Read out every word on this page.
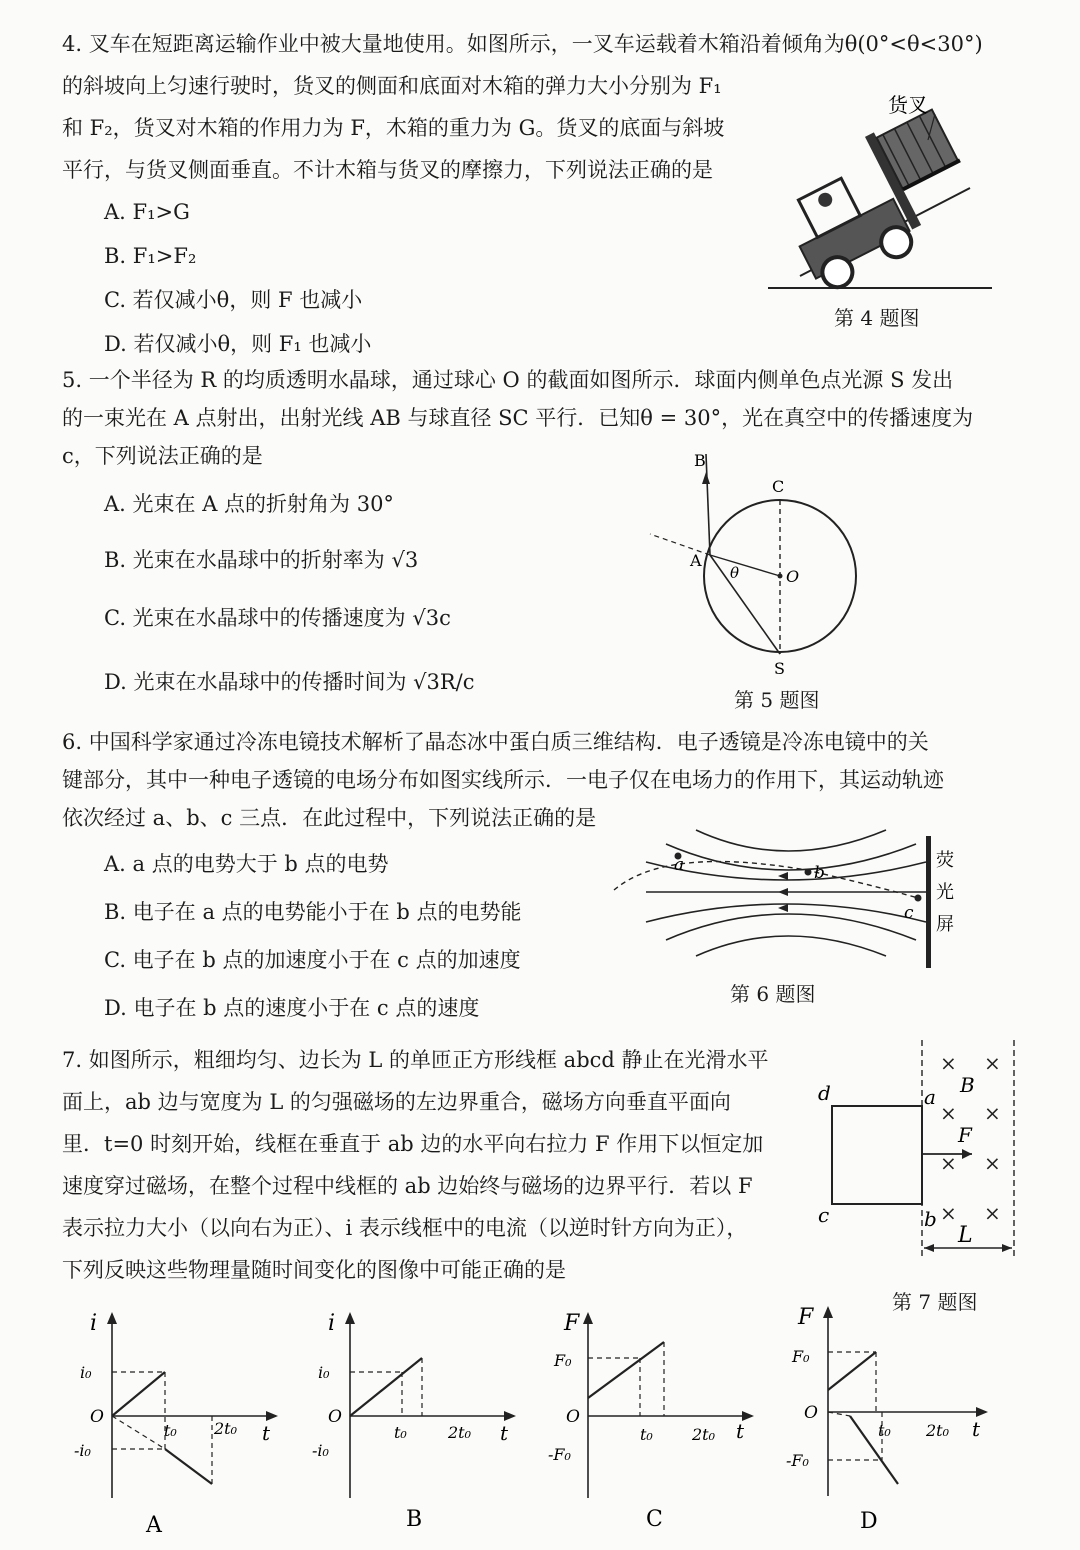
4. 叉车在短距离运输作业中被大量地使用。如图所示，一叉车运载着木箱沿着倾角为θ(0°<θ<30°)
的斜坡向上匀速行驶时，货叉的侧面和底面对木箱的弹力大小分别为 F₁
和 F₂，货叉对木箱的作用力为 F，木箱的重力为 G。货叉的底面与斜坡
平行，与货叉侧面垂直。不计木箱与货叉的摩擦力，下列说法正确的是
A. F₁>G
B. F₁>F₂
C. 若仅减小θ，则 F 也减小
D. 若仅减小θ，则 F₁ 也减小
货叉
第 4 题图
5. 一个半径为 R 的均质透明水晶球，通过球心 O 的截面如图所示．球面内侧单色点光源 S 发出
的一束光在 A 点射出，出射光线 AB 与球直径 SC 平行．已知θ = 30°，光在真空中的传播速度为
c，下列说法正确的是
A. 光束在 A 点的折射角为 30°
B. 光束在水晶球中的折射率为 √3
C. 光束在水晶球中的传播速度为 √3c
D. 光束在水晶球中的传播时间为 √3R/c
B
C
A
O
S
θ
第 5 题图
6. 中国科学家通过冷冻电镜技术解析了晶态冰中蛋白质三维结构．电子透镜是冷冻电镜中的关
键部分，其中一种电子透镜的电场分布如图实线所示．一电子仅在电场力的作用下，其运动轨迹
依次经过 a、b、c 三点．在此过程中，下列说法正确的是
A. a 点的电势大于 b 点的电势
B. 电子在 a 点的电势能小于在 b 点的电势能
C. 电子在 b 点的加速度小于在 c 点的加速度
D. 电子在 b 点的速度小于在 c 点的速度
a	b
c
荧 光 屏
第 6 题图
7. 如图所示，粗细均匀、边长为 L 的单匝正方形线框 abcd 静止在光滑水平
面上，ab 边与宽度为 L 的匀强磁场的左边界重合，磁场方向垂直平面向
里．t=0 时刻开始，线框在垂直于 ab 边的水平向右拉力 F 作用下以恒定加
速度穿过磁场，在整个过程中线框的 ab 边始终与磁场的边界平行．若以 F
表示拉力大小（以向右为正）、i 表示线框中的电流（以逆时针方向为正），
下列反映这些物理量随时间变化的图像中可能正确的是
× ×
× ×
× ×
× ×
B
F
d	a
c	b
L
第 7 题图
i
i₀
-i₀
O
t₀ 2t₀ t
A
i
i₀
-i₀
O
t₀	2t₀ t
B
F
F₀
-F₀
O
t₀ 2t₀ t
C
F
F₀
-F₀
O
t₀ 2t₀ t
D
